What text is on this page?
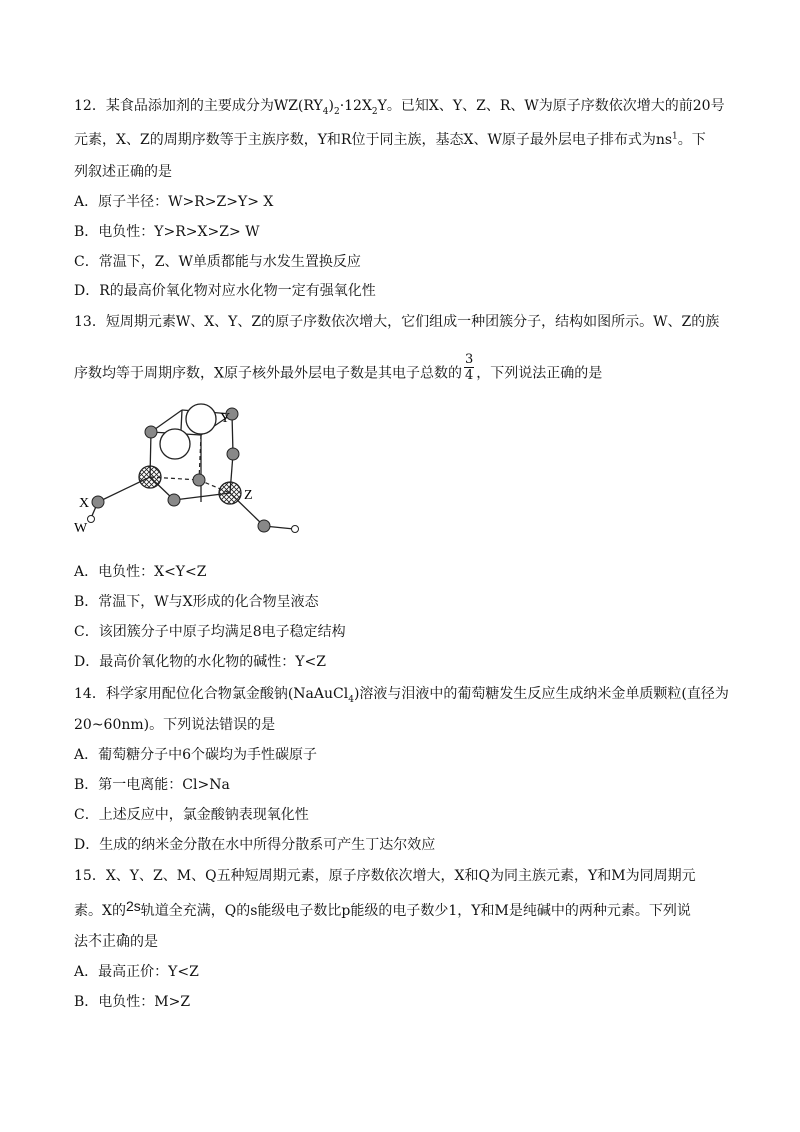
12．某食品添加剂的主要成分为$WZ(RY_4)_2\cdot 12X_2Y$。已知X、Y、Z、R、W为原子序数依次增大的前20号
元素，X、Z的周期序数等于主族序数，Y和R位于同主族，基态X、W原子最外层电子排布式为$ns^1$。下
列叙述正确的是
A．原子半径：W>R>Z>Y> X
B．电负性：Y>R>X>Z> W
C．常温下，Z、W单质都能与水发生置换反应
D．R的最高价氧化物对应水化物一定有强氧化性
13．短周期元素W、X、Y、Z的原子序数依次增大，它们组成一种团簇分子，结构如图所示。W、Z的族
序数均等于周期序数，X原子核外最外层电子数是其电子总数的 $\frac{3}{4}$ ，下列说法正确的是
Y
X
W
Z
A．电负性：X<Y<Z
B．常温下，W与X形成的化合物呈液态
C．该团簇分子中原子均满足8电子稳定结构
D．最高价氧化物的水化物的碱性：Y<Z
14．科学家用配位化合物氯金酸钠(NaAuCl$_4$)溶液与泪液中的葡萄糖发生反应生成纳米金单质颗粒(直径为
20~60nm)。下列说法错误的是
A．葡萄糖分子中6个碳均为手性碳原子
B．第一电离能：Cl>Na
C．上述反应中，氯金酸钠表现氧化性
D．生成的纳米金分散在水中所得分散系可产生丁达尔效应
15．X、Y、Z、M、Q五种短周期元素，原子序数依次增大，X和Q为同主族元素，Y和M为同周期元
素。X的2s轨道全充满，Q的s能级电子数比p能级的电子数少1，Y和M是纯碱中的两种元素。下列说
法不正确的是
A．最高正价：Y<Z
B．电负性：M>Z
